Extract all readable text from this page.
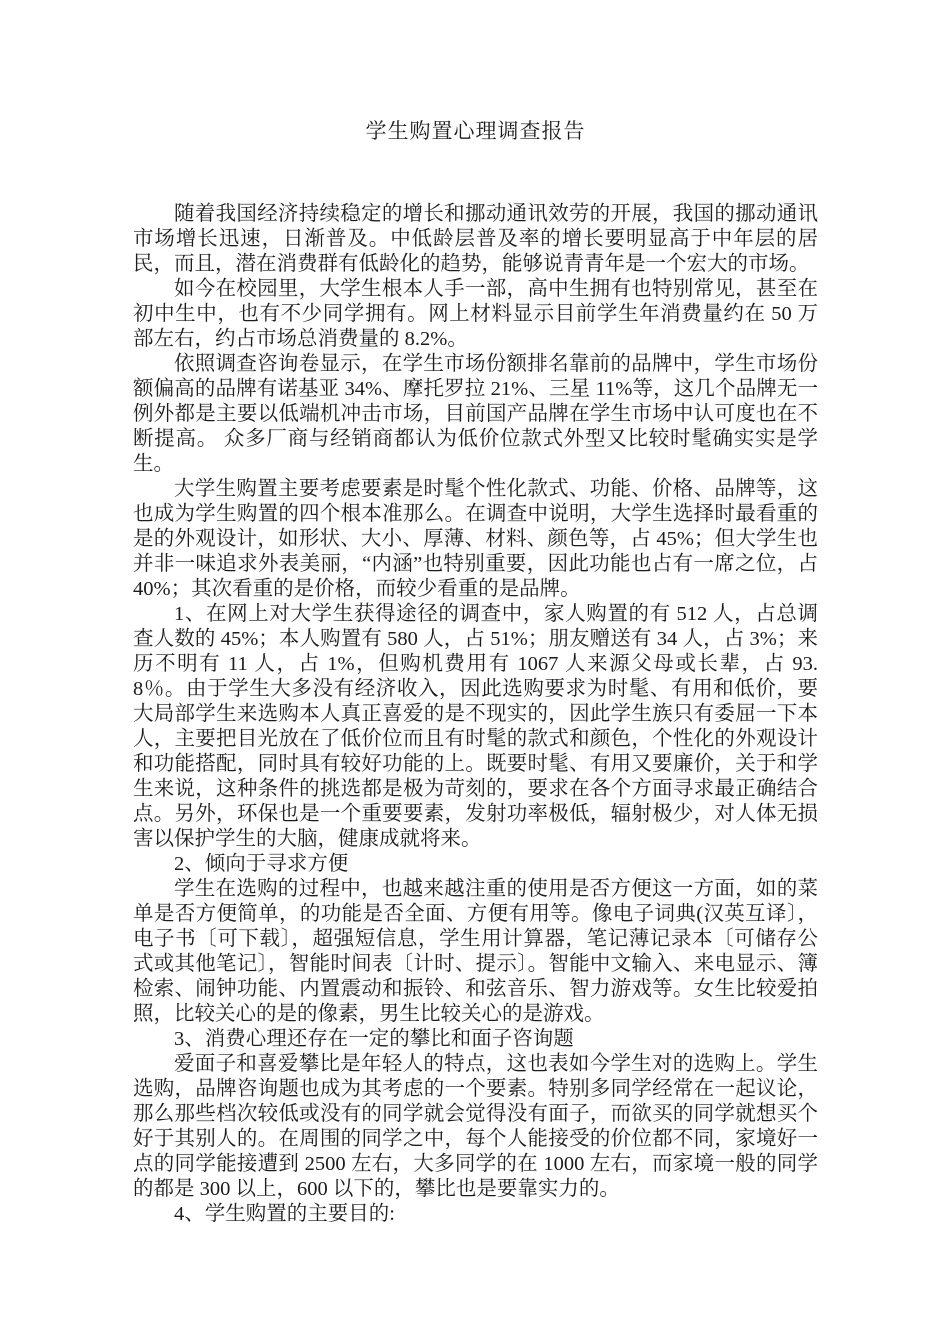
学生购置心理调查报告

随着我国经济持续稳定的增长和挪动通讯效劳的开展，我国的挪动通讯市场增长迅速，日渐普及。中低龄层普及率的增长要明显高于中年层的居民，而且，潜在消费群有低龄化的趋势，能够说青青年是一个宏大的市场。

如今在校园里，大学生根本人手一部，高中生拥有也特别常见，甚至在初中生中，也有不少同学拥有。网上材料显示目前学生年消费量约在 50 万部左右，约占市场总消费量的 8.2%。

依照调查咨询卷显示，在学生市场份额排名靠前的品牌中，学生市场份额偏高的品牌有诺基亚 34%、摩托罗拉 21%、三星 11%等，这几个品牌无一例外都是主要以低端机冲击市场，目前国产品牌在学生市场中认可度也在不断提高。 众多厂商与经销商都认为低价位款式外型又比较时髦确实实是学生。

大学生购置主要考虑要素是时髦个性化款式、功能、价格、品牌等，这也成为学生购置的四个根本准那么。在调查中说明，大学生选择时最看重的是的外观设计，如形状、大小、厚薄、材料、颜色等，占 45%；但大学生也并非一味追求外表美丽，“内涵”也特别重要，因此功能也占有一席之位，占 40%；其次看重的是价格，而较少看重的是品牌。

1、在网上对大学生获得途径的调查中，家人购置的有 512 人，占总调查人数的 45%；本人购置有 580 人，占 51%；朋友赠送有 34 人，占 3%；来历不明有 11 人，占 1%，但购机费用有 1067 人来源父母或长辈，占 93.8％。由于学生大多没有经济收入，因此选购要求为时髦、有用和低价，要大局部学生来选购本人真正喜爱的是不现实的，因此学生族只有委屈一下本人，主要把目光放在了低价位而且有时髦的款式和颜色，个性化的外观设计和功能搭配，同时具有较好功能的上。既要时髦、有用又要廉价，关于和学生来说，这种条件的挑选都是极为苛刻的，要求在各个方面寻求最正确结合点。另外，环保也是一个重要要素，发射功率极低，辐射极少，对人体无损害以保护学生的大脑，健康成就将来。

2、倾向于寻求方便

学生在选购的过程中，也越来越注重的使用是否方便这一方面，如的菜单是否方便简单，的功能是否全面、方便有用等。像电子词典(汉英互译〕，电子书〔可下载〕，超强短信息，学生用计算器，笔记薄记录本〔可储存公式或其他笔记〕，智能时间表〔计时、提示〕。智能中文输入、来电显示、簿检索、闹钟功能、内置震动和振铃、和弦音乐、智力游戏等。女生比较爱拍照，比较关心的是的像素，男生比较关心的是游戏。

3、消费心理还存在一定的攀比和面子咨询题

爱面子和喜爱攀比是年轻人的特点，这也表如今学生对的选购上。学生选购，品牌咨询题也成为其考虑的一个要素。特别多同学经常在一起议论，那么那些档次较低或没有的同学就会觉得没有面子，而欲买的同学就想买个好于其别人的。在周围的同学之中，每个人能接受的价位都不同，家境好一点的同学能接遭到 2500 左右，大多同学的在 1000 左右，而家境一般的同学的都是 300 以上，600 以下的，攀比也是要靠实力的。

4、学生购置的主要目的:
